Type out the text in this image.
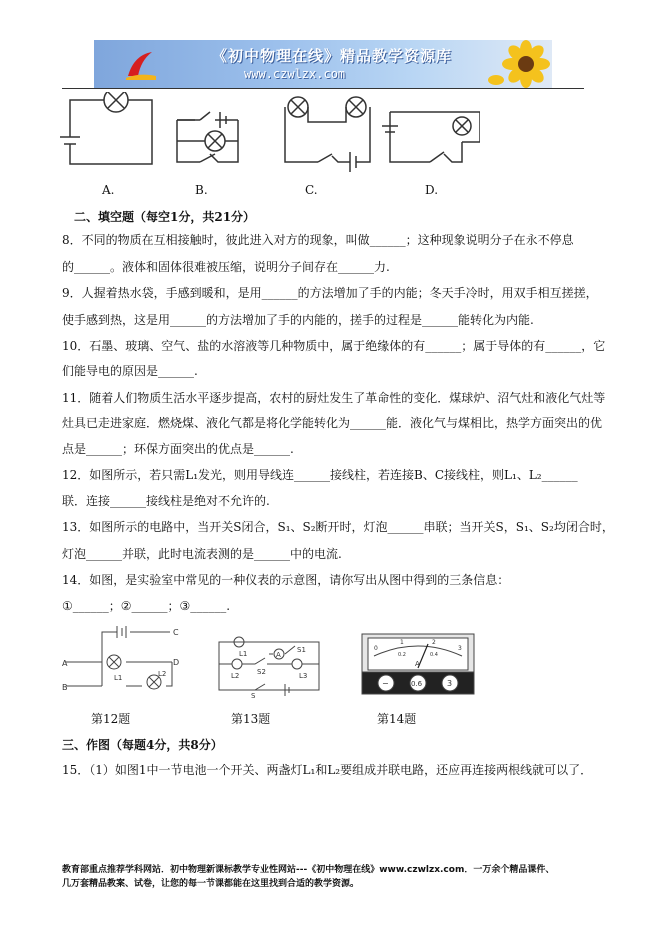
《初中物理在线》精品教学资源库
www.czwlzx.com
A.	B.	C.	D.
二、填空题（每空1分，共21分）
8．不同的物质在互相接触时，彼此进入对方的现象，叫做______；这种现象说明分子在永不停息
的______。液体和固体很难被压缩，说明分子间存在______力.
9．人握着热水袋，手感到暖和，是用______的方法增加了手的内能；冬天手冷时，用双手相互搓搓，
使手感到热，这是用______的方法增加了手的内能的，搓手的过程是______能转化为内能.
10．石墨、玻璃、空气、盐的水溶液等几种物质中，属于绝缘体的有______；属于导体的有______，它
们能导电的原因是______.
11．随着人们物质生活水平逐步提高，农村的厨灶发生了革命性的变化．煤球炉、沼气灶和液化气灶等
灶具已走进家庭．燃烧煤、液化气都是将化学能转化为______能．液化气与煤相比，热学方面突出的优
点是______；环保方面突出的优点是______.
12．如图所示，若只需L₁发光，则用导线连______接线柱，若连接B、C接线柱，则L₁、L₂______
联．连接______接线柱是绝对不允许的.
13．如图所示的电路中，当开关S闭合，S₁、S₂断开时，灯泡______串联；当开关S，S₁、S₂均闭合时，
灯泡______并联，此时电流表测的是______中的电流.
14．如图，是实验室中常见的一种仪表的示意图，请你写出从图中得到的三条信息：
①______；②______；③______.
A
B
C
D
L1	L2
L1
L2	L3
S
S1
S2
A
0
1	2
3
0.2	0.4
A
−	0.6	3
第12题	第13题	第14题
三、作图（每题4分，共8分）
15．（1）如图1中一节电池一个开关、两盏灯L₁和L₂要组成并联电路，还应再连接两根线就可以了．
教育部重点推荐学科网站．初中物理新课标教学专业性网站---《初中物理在线》www.czwlzx.com．一万余个精品课件、
几万套精品教案、试卷，让您的每一节课都能在这里找到合适的教学资源。
